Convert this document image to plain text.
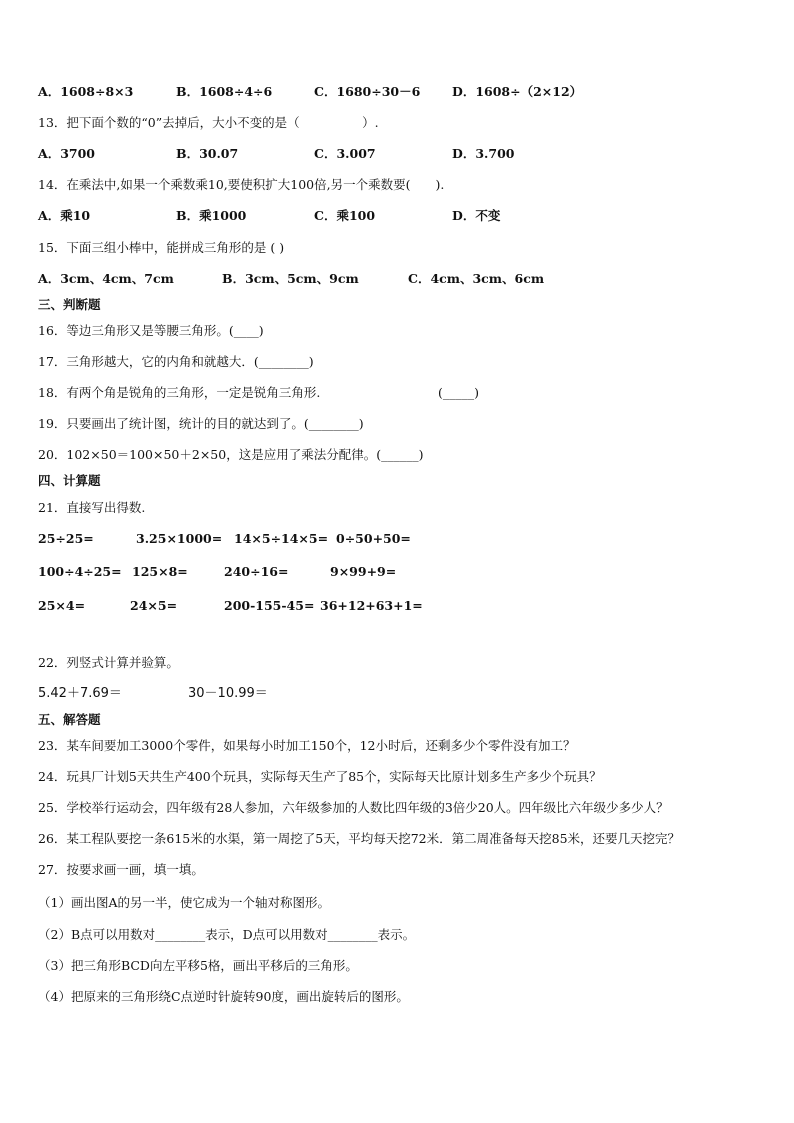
A．1608÷8×3	B．1608÷4÷6	C．1680÷30－6	D．1608÷（2×12）
13．把下面个数的“0”去掉后，大小不变的是（　　　　　）.
A．3700	B．30.07	C．3.007	D．3.700
14．在乘法中,如果一个乘数乘10,要使积扩大100倍,另一个乘数要(　　).
A．乘10	B．乘1000	C．乘100	D．不变
15．下面三组小棒中，能拼成三角形的是 ( )
A．3cm、4cm、7cm	B．3cm、5cm、9cm	C．4cm、3cm、6cm
三、判断题
16．等边三角形又是等腰三角形。(____)
17．三角形越大，它的内角和就越大．(________)
18．有两个角是锐角的三角形，一定是锐角三角形.	(_____)
19．只要画出了统计图，统计的目的就达到了。(________)
20．102×50＝100×50＋2×50，这是应用了乘法分配律。(______)
四、计算题
21．直接写出得数.
25÷25=	3.25×1000= 14×5÷14×5= 0÷50+50=
100÷4÷25= 125×8=	240÷16=	9×99+9=
25×4=	24×5=	200-155-45= 36+12+63+1=
22．列竖式计算并验算。
5.42＋7.69＝	30－10.99＝
五、解答题
23．某车间要加工3000个零件，如果每小时加工150个，12小时后，还剩多少个零件没有加工？
24．玩具厂计划5天共生产400个玩具，实际每天生产了85个，实际每天比原计划多生产多少个玩具？
25．学校举行运动会，四年级有28人参加，六年级参加的人数比四年级的3倍少20人。四年级比六年级少多少人？
26．某工程队要挖一条615米的水渠，第一周挖了5天，平均每天挖72米．第二周准备每天挖85米，还要几天挖完？
27．按要求画一画，填一填。
（1）画出图A的另一半，使它成为一个轴对称图形。
（2）B点可以用数对________表示，D点可以用数对________表示。
（3）把三角形BCD向左平移5格，画出平移后的三角形。
（4）把原来的三角形绕C点逆时针旋转90度，画出旋转后的图形。
